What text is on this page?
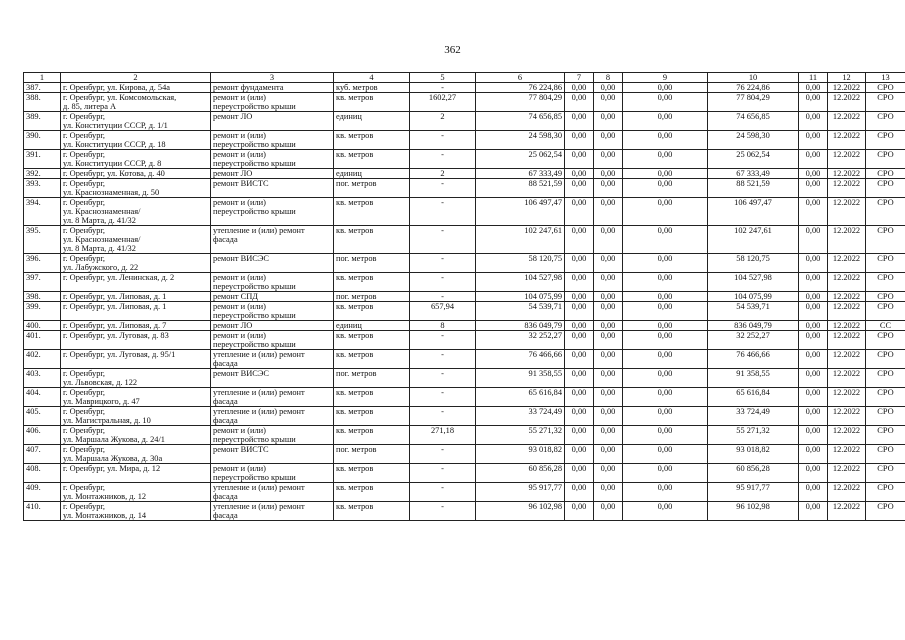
362
1	2	3	4	5	6	7	8	9	10	11	12	13
387.	г. Оренбург, ул. Кирова, д. 54а	ремонт фундамента	куб. метров	-	76 224,86	0,00	0,00	0,00	76 224,86	0,00	12.2022	СРО
388.	г. Оренбург, ул. Комсомольская,
д. 85, литера А	ремонт и (или)
переустройство крыши	кв. метров	1602,27	77 804,29	0,00	0,00	0,00	77 804,29	0,00	12.2022	СРО
389.	г. Оренбург,
ул. Конституции СССР, д. 1/1	ремонт ЛО	единиц	2	74 656,85	0,00	0,00	0,00	74 656,85	0,00	12.2022	СРО
390.	г. Оренбург,
ул. Конституции СССР, д. 18	ремонт и (или)
переустройство крыши	кв. метров	-	24 598,30	0,00	0,00	0,00	24 598,30	0,00	12.2022	СРО
391.	г. Оренбург,
ул. Конституции СССР, д. 8	ремонт и (или)
переустройство крыши	кв. метров	-	25 062,54	0,00	0,00	0,00	25 062,54	0,00	12.2022	СРО
392.	г. Оренбург, ул. Котова, д. 40	ремонт ЛО	единиц	2	67 333,49	0,00	0,00	0,00	67 333,49	0,00	12.2022	СРО
393.	г. Оренбург,
ул. Краснознаменная, д. 50	ремонт ВИСТС	пог. метров	-	88 521,59	0,00	0,00	0,00	88 521,59	0,00	12.2022	СРО
394.	г. Оренбург,
ул. Краснознаменная/
ул. 8 Марта, д. 41/32	ремонт и (или)
переустройство крыши	кв. метров	-	106 497,47	0,00	0,00	0,00	106 497,47	0,00	12.2022	СРО
395.	г. Оренбург,
ул. Краснознаменная/
ул. 8 Марта, д. 41/32	утепление и (или) ремонт
фасада	кв. метров	-	102 247,61	0,00	0,00	0,00	102 247,61	0,00	12.2022	СРО
396.	г. Оренбург,
ул. Лабужского, д. 22	ремонт ВИСЭС	пог. метров	-	58 120,75	0,00	0,00	0,00	58 120,75	0,00	12.2022	СРО
397.	г. Оренбург, ул. Ленинская, д. 2	ремонт и (или)
переустройство крыши	кв. метров	-	104 527,98	0,00	0,00	0,00	104 527,98	0,00	12.2022	СРО
398.	г. Оренбург, ул. Липовая, д. 1	ремонт СПД	пог. метров	-	104 075,99	0,00	0,00	0,00	104 075,99	0,00	12.2022	СРО
399.	г. Оренбург, ул. Липовая, д. 1	ремонт и (или)
переустройство крыши	кв. метров	657,94	54 539,71	0,00	0,00	0,00	54 539,71	0,00	12.2022	СРО
400.	г. Оренбург, ул. Липовая, д. 7	ремонт ЛО	единиц	8	836 049,79	0,00	0,00	0,00	836 049,79	0,00	12.2022	СС
401.	г. Оренбург, ул. Луговая, д. 83	ремонт и (или)
переустройство крыши	кв. метров	-	32 252,27	0,00	0,00	0,00	32 252,27	0,00	12.2022	СРО
402.	г. Оренбург, ул. Луговая, д. 95/1	утепление и (или) ремонт
фасада	кв. метров	-	76 466,66	0,00	0,00	0,00	76 466,66	0,00	12.2022	СРО
403.	г. Оренбург,
ул. Львовская, д. 122	ремонт ВИСЭС	пог. метров	-	91 358,55	0,00	0,00	0,00	91 358,55	0,00	12.2022	СРО
404.	г. Оренбург,
ул. Маврицкого, д. 47	утепление и (или) ремонт
фасада	кв. метров	-	65 616,84	0,00	0,00	0,00	65 616,84	0,00	12.2022	СРО
405.	г. Оренбург,
ул. Магистральная, д. 10	утепление и (или) ремонт
фасада	кв. метров	-	33 724,49	0,00	0,00	0,00	33 724,49	0,00	12.2022	СРО
406.	г. Оренбург,
ул. Маршала Жукова, д. 24/1	ремонт и (или)
переустройство крыши	кв. метров	271,18	55 271,32	0,00	0,00	0,00	55 271,32	0,00	12.2022	СРО
407.	г. Оренбург,
ул. Маршала Жукова, д. 30а	ремонт ВИСТС	пог. метров	-	93 018,82	0,00	0,00	0,00	93 018,82	0,00	12.2022	СРО
408.	г. Оренбург, ул. Мира, д. 12	ремонт и (или)
переустройство крыши	кв. метров	-	60 856,28	0,00	0,00	0,00	60 856,28	0,00	12.2022	СРО
409.	г. Оренбург,
ул. Монтажников, д. 12	утепление и (или) ремонт
фасада	кв. метров	-	95 917,77	0,00	0,00	0,00	95 917,77	0,00	12.2022	СРО
410.	г. Оренбург,
ул. Монтажников, д. 14	утепление и (или) ремонт
фасада	кв. метров	-	96 102,98	0,00	0,00	0,00	96 102,98	0,00	12.2022	СРО
